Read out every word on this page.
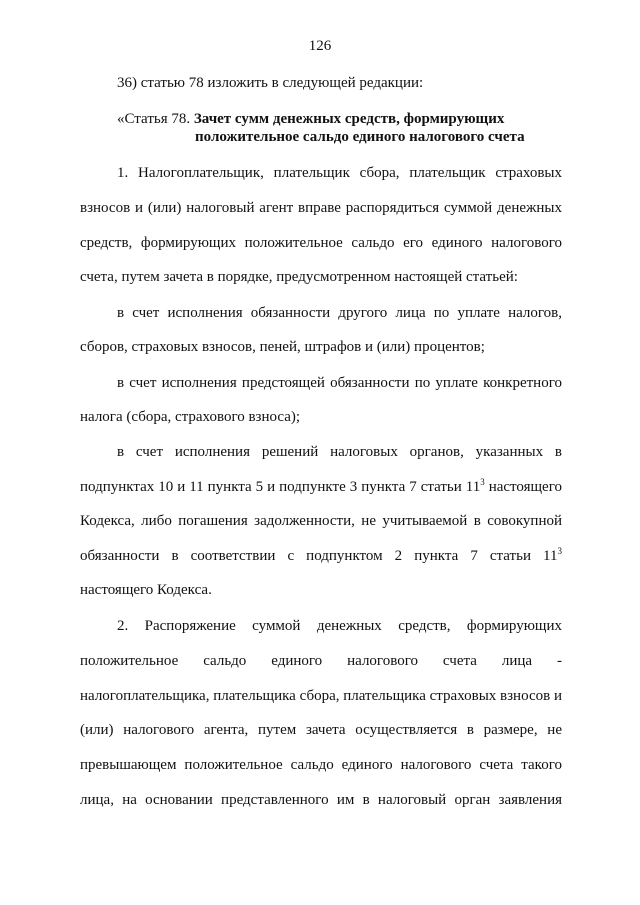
126
36) статью 78 изложить в следующей редакции:
«Статья 78. Зачет сумм денежных средств, формирующих
положительное сальдо единого налогового счета
1. Налогоплательщик, плательщик сбора, плательщик страховых
взносов и (или) налоговый агент вправе распорядиться суммой денежных
средств, формирующих положительное сальдо его единого налогового
счета, путем зачета в порядке, предусмотренном настоящей статьей:
в счет исполнения обязанности другого лица по уплате налогов,
сборов, страховых взносов, пеней, штрафов и (или) процентов;
в счет исполнения предстоящей обязанности по уплате конкретного
налога (сбора, страхового взноса);
в счет исполнения решений налоговых органов, указанных в
подпунктах 10 и 11 пункта 5 и подпункте 3 пункта 7 статьи $11^3$ настоящего
Кодекса, либо погашения задолженности, не учитываемой в совокупной
обязанности в соответствии с подпунктом 2 пункта 7 статьи $11^3$
настоящего Кодекса.
2. Распоряжение суммой денежных средств, формирующих
положительное сальдо единого налогового счета лица -
налогоплательщика, плательщика сбора, плательщика страховых взносов и
(или) налогового агента, путем зачета осуществляется в размере, не
превышающем положительное сальдо единого налогового счета такого
лица, на основании представленного им в налоговый орган заявления
